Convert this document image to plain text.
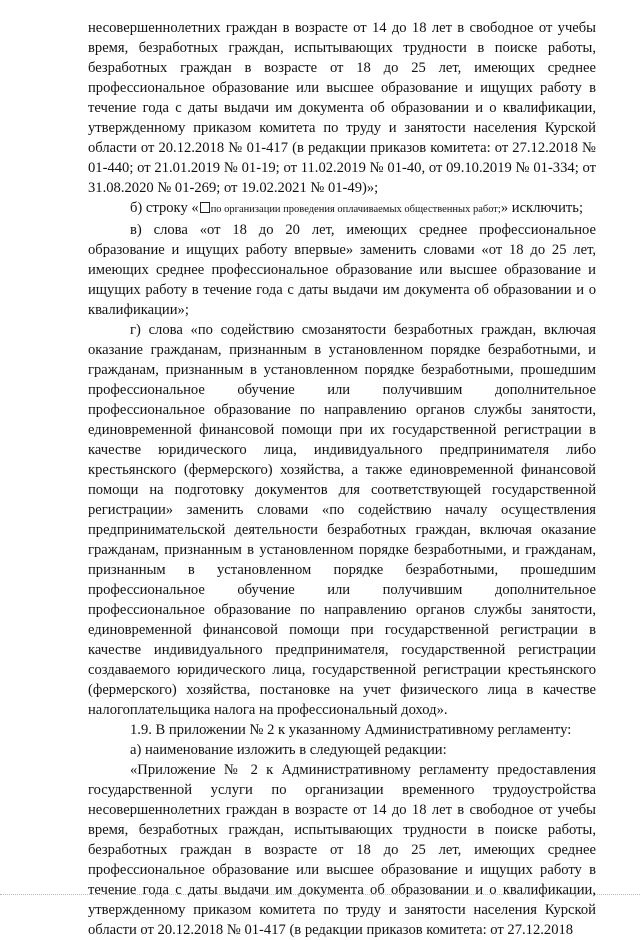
несовершеннолетних граждан в возрасте от 14 до 18 лет в свободное от учебы время, безработных граждан, испытывающих трудности в поиске работы, безработных граждан в возрасте от 18 до 25 лет, имеющих среднее профессиональное образование или высшее образование и ищущих работу в течение года с даты выдачи им документа об образовании и о квалификации, утвержденному приказом комитета по труду и занятости населения Курской области от 20.12.2018 № 01-417 (в редакции приказов комитета: от 27.12.2018 № 01-440; от 21.01.2019 № 01-19; от 11.02.2019 № 01-40, от 09.10.2019 № 01-334; от 31.08.2020 № 01-269; от 19.02.2021 № 01-49)»;

б) строку « по организации проведения оплачиваемых общественных работ;» исключить;

в) слова «от 18 до 20 лет, имеющих среднее профессиональное образование и ищущих работу впервые» заменить словами «от 18 до 25 лет, имеющих среднее профессиональное образование или высшее образование и ищущих работу в течение года с даты выдачи им документа об образовании и о квалификации»;

г) слова «по содействию смозанятости безработных граждан, включая оказание гражданам, признанным в установленном порядке безработными, и гражданам, признанным в установленном порядке безработными, прошедшим профессиональное обучение или получившим дополнительное профессиональное образование по направлению органов службы занятости, единовременной финансовой помощи при их государственной регистрации в качестве юридического лица, индивидуального предпринимателя либо крестьянского (фермерского) хозяйства, а также единовременной финансовой помощи на подготовку документов для соответствующей государственной регистрации» заменить словами «по содействию началу осуществления предпринимательской деятельности безработных граждан, включая оказание гражданам, признанным в установленном порядке безработными, и гражданам, признанным в установленном порядке безработными, прошедшим профессиональное обучение или получившим дополнительное профессиональное образование по направлению органов службы занятости, единовременной финансовой помощи при государственной регистрации в качестве индивидуального предпринимателя, государственной регистрации создаваемого юридического лица, государственной регистрации крестьянского (фермерского) хозяйства, постановке на учет физического лица в качестве налогоплательщика налога на профессиональный доход».

1.9. В приложении № 2 к указанному Административному регламенту:

а) наименование изложить в следующей редакции:

«Приложение № 2 к Административному регламенту предоставления государственной услуги по организации временного трудоустройства несовершеннолетних граждан в возрасте от 14 до 18 лет в свободное от учебы время, безработных граждан, испытывающих трудности в поиске работы, безработных граждан в возрасте от 18 до 25 лет, имеющих среднее профессиональное образование или высшее образование и ищущих работу в течение года с даты выдачи им документа об образовании и о квалификации, утвержденному приказом комитета по труду и занятости населения Курской области от 20.12.2018 № 01-417 (в редакции приказов комитета: от 27.12.2018
